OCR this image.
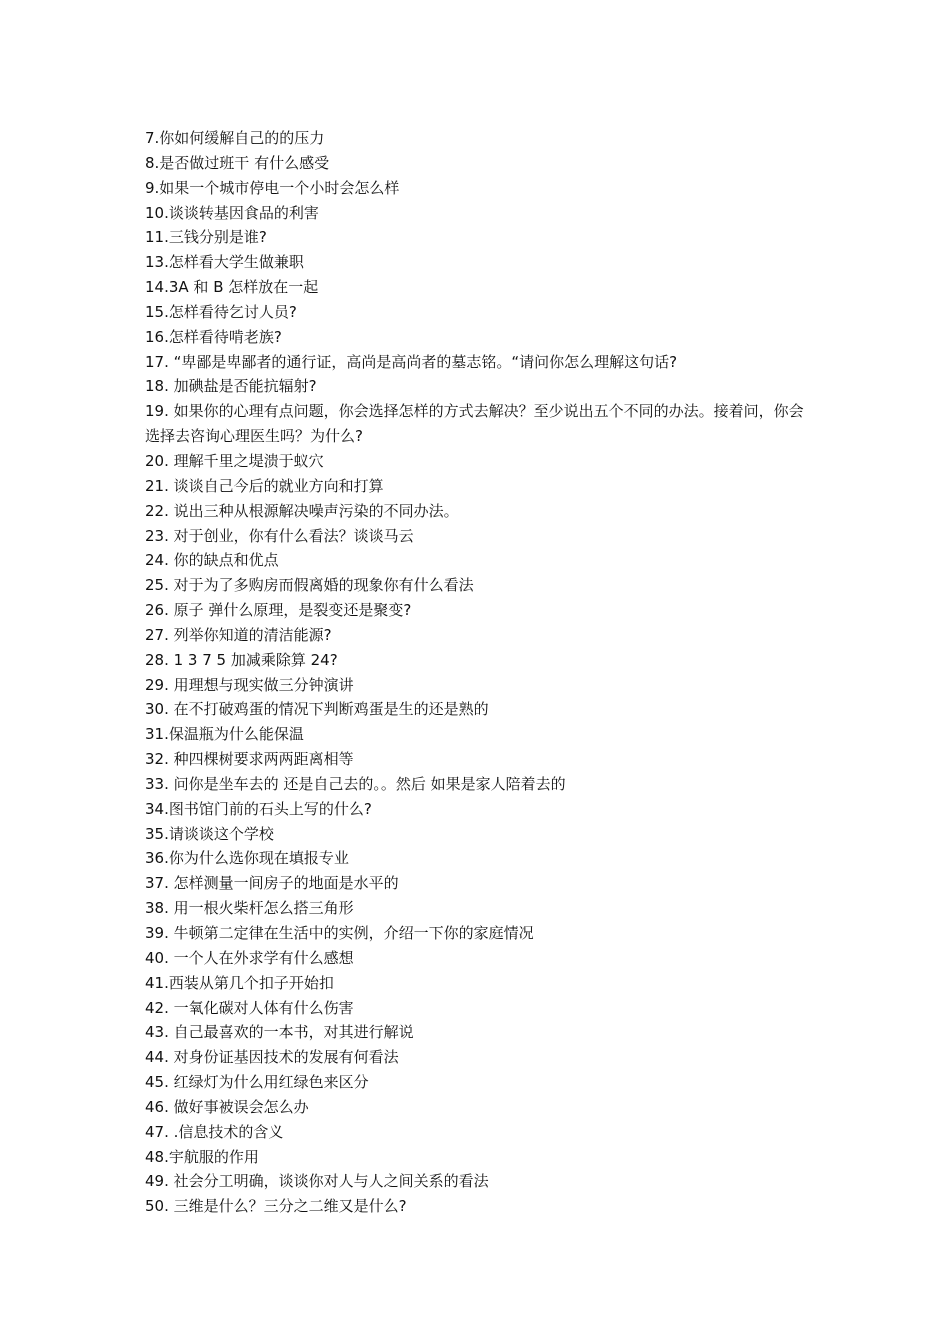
7.你如何缓解自己的的压力
8.是否做过班干 有什么感受
9.如果一个城市停电一个小时会怎么样
10.谈谈转基因食品的利害
11.三钱分别是谁?
13.怎样看大学生做兼职
14.3A 和 B 怎样放在一起
15.怎样看待乞讨人员?
16.怎样看待啃老族?
17. “卑鄙是卑鄙者的通行证，高尚是高尚者的墓志铭。“请问你怎么理解这句话?
18. 加碘盐是否能抗辐射?
19. 如果你的心理有点问题，你会选择怎样的方式去解决？至少说出五个不同的办法。接着问，你会选择去咨询心理医生吗？为什么?
20. 理解千里之堤溃于蚁穴
21. 谈谈自己今后的就业方向和打算
22. 说出三种从根源解决噪声污染的不同办法。
23. 对于创业，你有什么看法？谈谈马云
24. 你的缺点和优点
25. 对于为了多购房而假离婚的现象你有什么看法
26. 原子 弹什么原理，是裂变还是聚变?
27. 列举你知道的清洁能源?
28. 1 3 7 5 加减乘除算 24?
29. 用理想与现实做三分钟演讲
30. 在不打破鸡蛋的情况下判断鸡蛋是生的还是熟的
31.保温瓶为什么能保温
32. 种四棵树要求两两距离相等
33. 问你是坐车去的 还是自己去的。。然后 如果是家人陪着去的
34.图书馆门前的石头上写的什么?
35.请谈谈这个学校
36.你为什么选你现在填报专业
37. 怎样测量一间房子的地面是水平的
38. 用一根火柴杆怎么搭三角形
39. 牛顿第二定律在生活中的实例，介绍一下你的家庭情况
40. 一个人在外求学有什么感想
41.西装从第几个扣子开始扣
42. 一氧化碳对人体有什么伤害
43. 自己最喜欢的一本书，对其进行解说
44. 对身份证基因技术的发展有何看法
45. 红绿灯为什么用红绿色来区分
46. 做好事被误会怎么办
47. .信息技术的含义
48.宇航服的作用
49. 社会分工明确，谈谈你对人与人之间关系的看法
50. 三维是什么？三分之二维又是什么?
